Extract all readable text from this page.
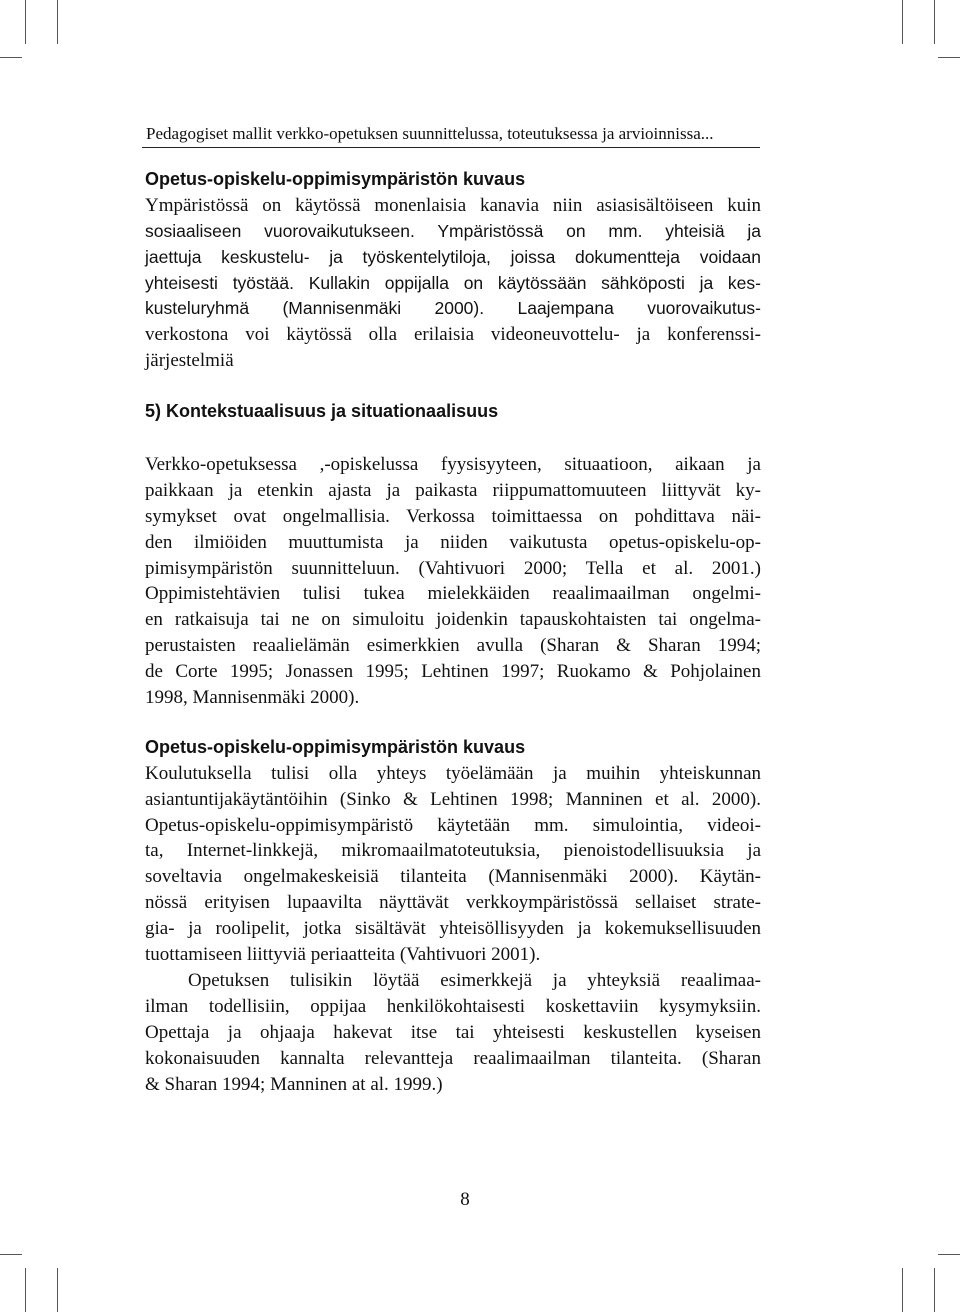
Pedagogiset mallit verkko-opetuksen suunnittelussa, toteutuksessa ja arvioinnissa...
Opetus-opiskelu-oppimisympäristön kuvaus
Ympäristössä on käytössä monenlaisia kanavia niin asiasisältöiseen kuin
sosiaaliseen vuorovaikutukseen. Ympäristössä on mm. yhteisiä ja
jaettuja keskustelu- ja työskentelytiloja, joissa dokumentteja voidaan
yhteisesti työstää. Kullakin oppijalla on käytössään sähköposti ja kes-
kusteluryhmä (Mannisenmäki 2000). Laajempana vuorovaikutus-
verkostona voi käytössä olla erilaisia videoneuvottelu- ja konferenssi-
järjestelmiä
5) Kontekstuaalisuus ja situationaalisuus
Verkko-opetuksessa ,-opiskelussa fyysisyyteen, situaatioon, aikaan ja
paikkaan ja etenkin ajasta ja paikasta riippumattomuuteen liittyvät ky-
symykset ovat ongelmallisia. Verkossa toimittaessa on pohdittava näi-
den ilmiöiden muuttumista ja niiden vaikutusta opetus-opiskelu-op-
pimisympäristön suunnitteluun. (Vahtivuori 2000; Tella et al. 2001.)
Oppimistehtävien tulisi tukea mielekkäiden reaalimaailman ongelmi-
en ratkaisuja tai ne on simuloitu joidenkin tapauskohtaisten tai ongelma-
perustaisten reaalielämän esimerkkien avulla (Sharan & Sharan 1994;
de Corte 1995; Jonassen 1995; Lehtinen 1997; Ruokamo & Pohjolainen
1998, Mannisenmäki 2000).
Opetus-opiskelu-oppimisympäristön kuvaus
Koulutuksella tulisi olla yhteys työelämään ja muihin yhteiskunnan
asiantuntijakäytäntöihin (Sinko & Lehtinen 1998; Manninen et al. 2000).
Opetus-opiskelu-oppimisympäristö käytetään mm. simulointia, videoi-
ta, Internet-linkkejä, mikromaailmatoteutuksia, pienoistodellisuuksia ja
soveltavia ongelmakeskeisiä tilanteita (Mannisenmäki 2000). Käytän-
nössä erityisen lupaavilta näyttävät verkkoympäristössä sellaiset strate-
gia- ja roolipelit, jotka sisältävät yhteisöllisyyden ja kokemuksellisuuden
tuottamiseen liittyviä periaatteita (Vahtivuori 2001).
Opetuksen tulisikin löytää esimerkkejä ja yhteyksiä reaalimaa-
ilman todellisiin, oppijaa henkilökohtaisesti koskettaviin kysymyksiin.
Opettaja ja ohjaaja hakevat itse tai yhteisesti keskustellen kyseisen
kokonaisuuden kannalta relevantteja reaalimaailman tilanteita. (Sharan
& Sharan 1994; Manninen at al. 1999.)
8
